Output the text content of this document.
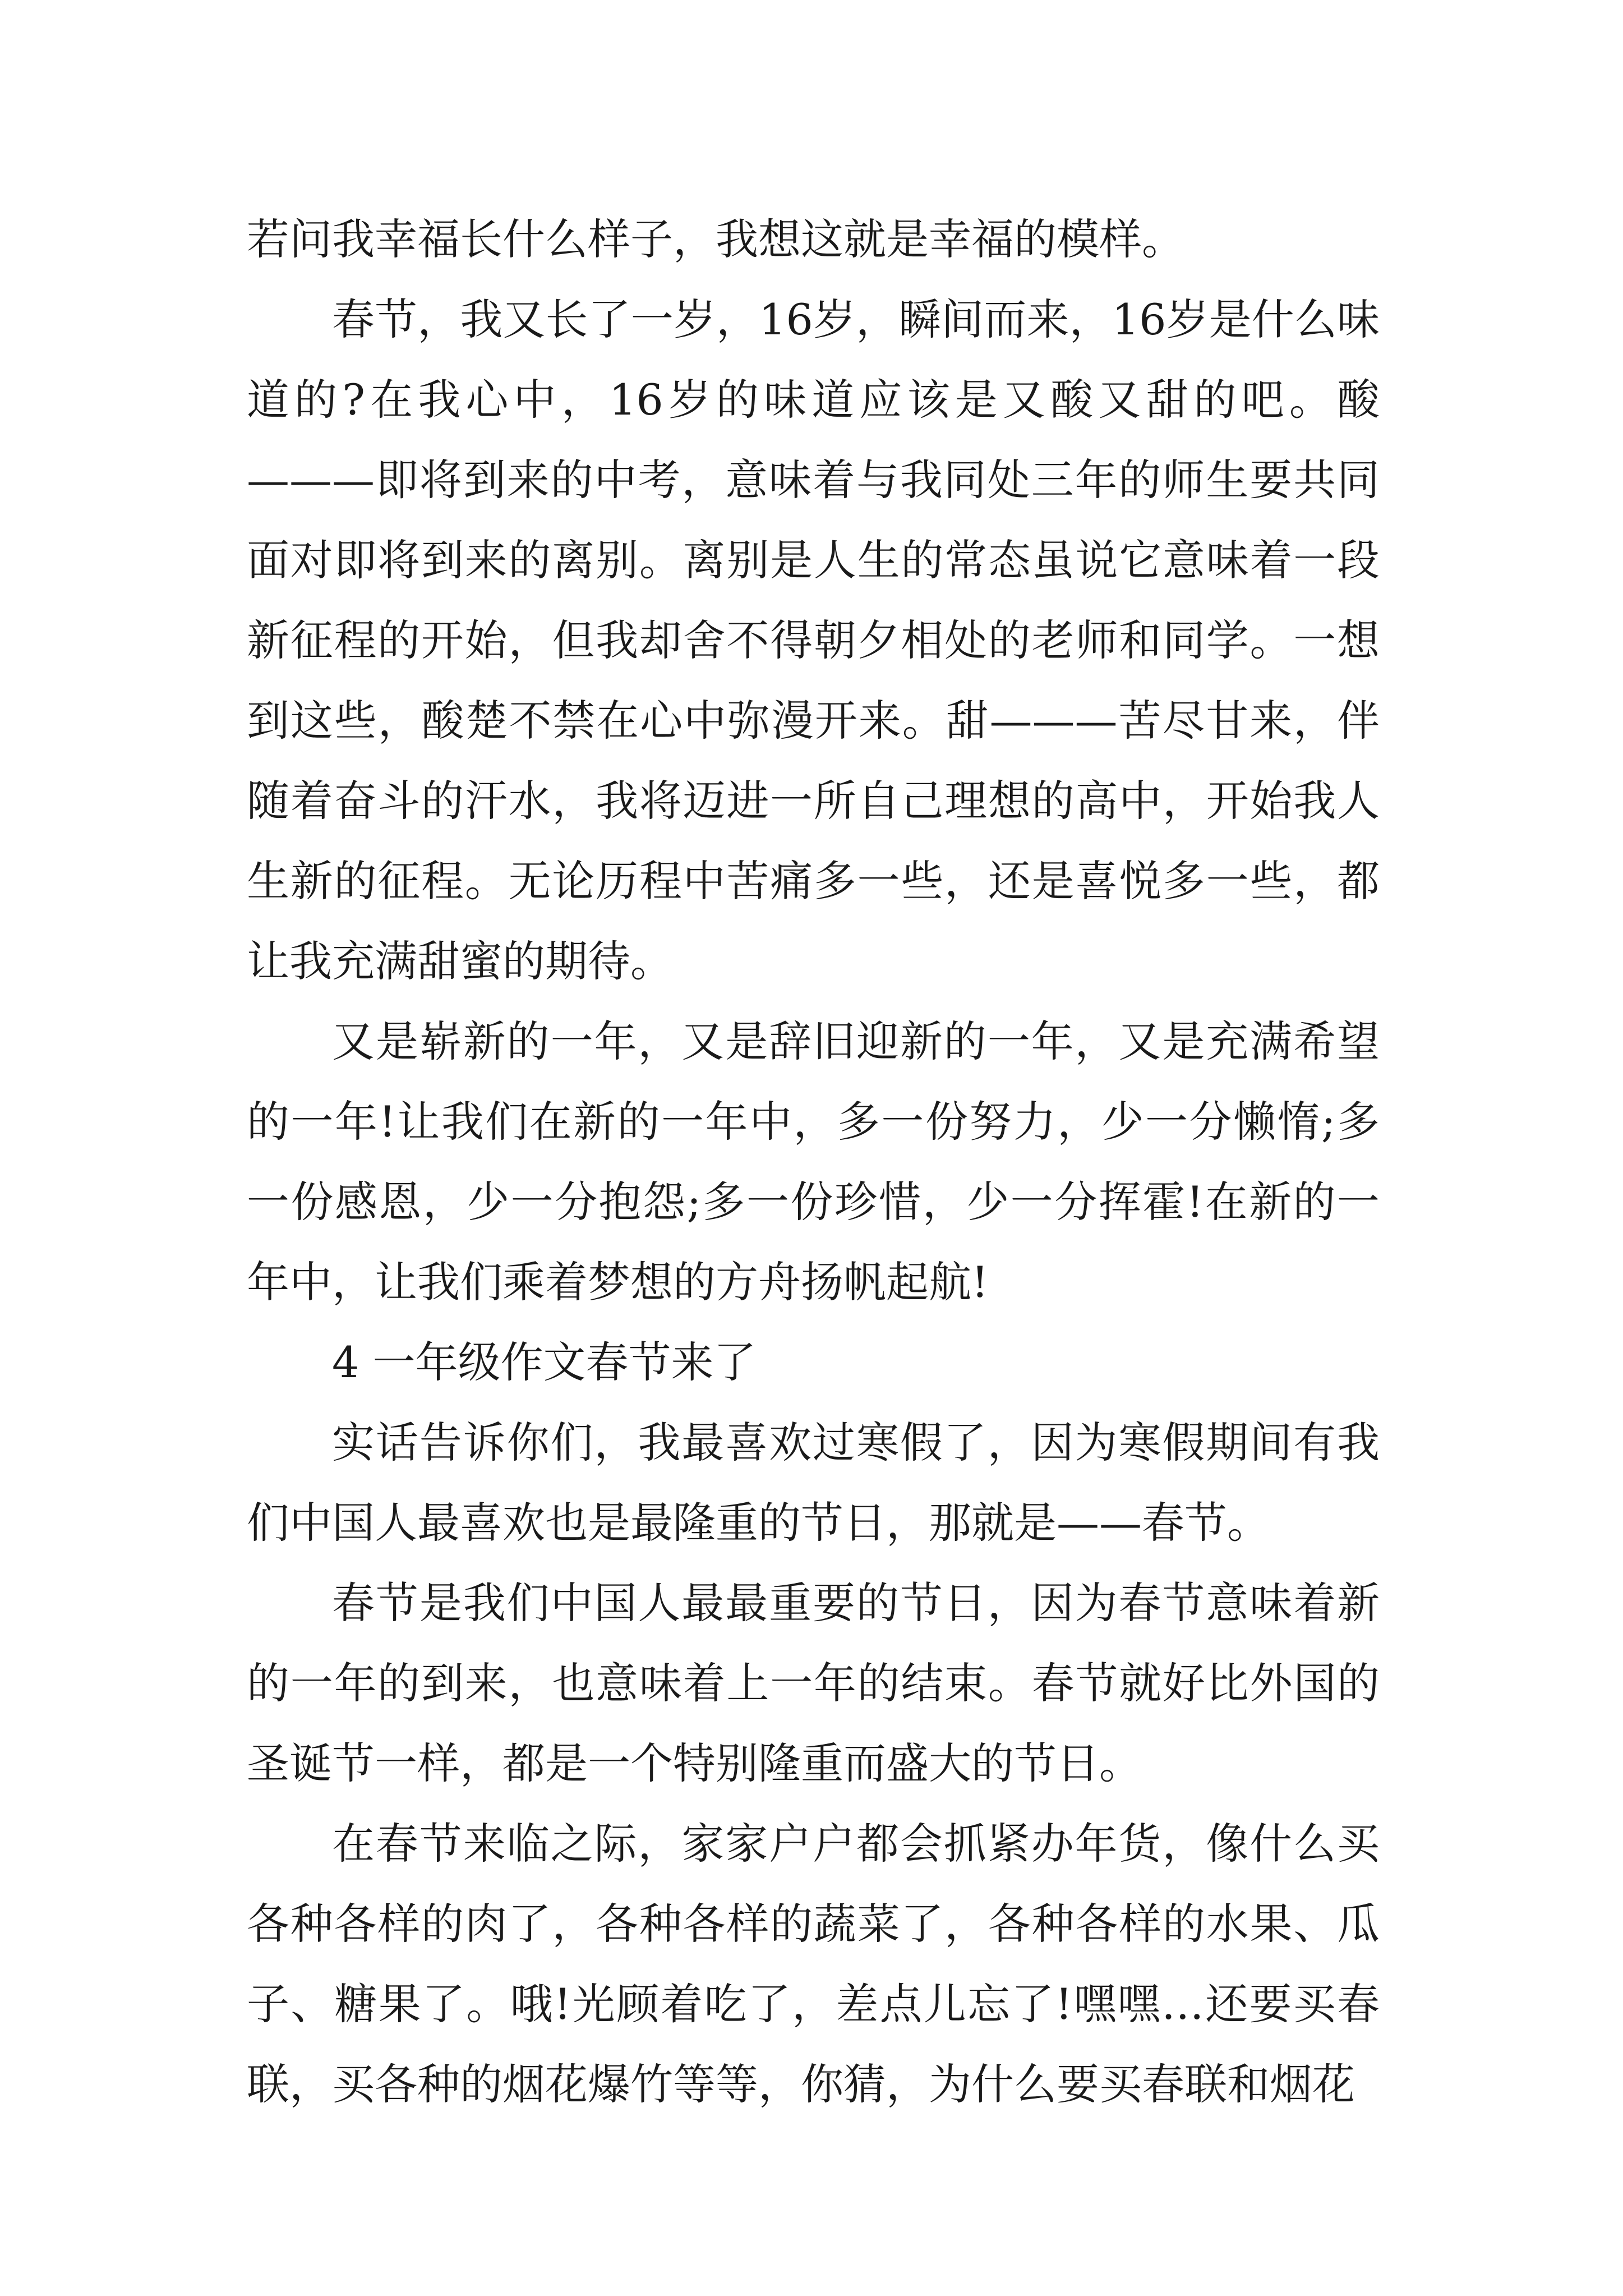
若问我幸福长什么样子，我想这就是幸福的模样。

春节，我又长了一岁，16岁，瞬间而来，16岁是什么味道的?在我心中，16岁的味道应该是又酸又甜的吧。酸———即将到来的中考，意味着与我同处三年的师生要共同面对即将到来的离别。离别是人生的常态虽说它意味着一段新征程的开始，但我却舍不得朝夕相处的老师和同学。一想到这些，酸楚不禁在心中弥漫开来。甜———苦尽甘来，伴随着奋斗的汗水，我将迈进一所自己理想的高中，开始我人生新的征程。无论历程中苦痛多一些，还是喜悦多一些，都让我充满甜蜜的期待。

又是崭新的一年，又是辞旧迎新的一年，又是充满希望的一年!让我们在新的一年中，多一份努力，少一分懒惰;多一份感恩，少一分抱怨;多一份珍惜，少一分挥霍!在新的一年中，让我们乘着梦想的方舟扬帆起航!

4 一年级作文春节来了

实话告诉你们，我最喜欢过寒假了，因为寒假期间有我们中国人最喜欢也是最隆重的节日，那就是——春节。

春节是我们中国人最最重要的节日，因为春节意味着新的一年的到来，也意味着上一年的结束。春节就好比外国的圣诞节一样，都是一个特别隆重而盛大的节日。

在春节来临之际，家家户户都会抓紧办年货，像什么买各种各样的肉了，各种各样的蔬菜了，各种各样的水果、瓜子、糖果了。哦!光顾着吃了，差点儿忘了!嘿嘿…还要买春联，买各种的烟花爆竹等等，你猜，为什么要买春联和烟花
